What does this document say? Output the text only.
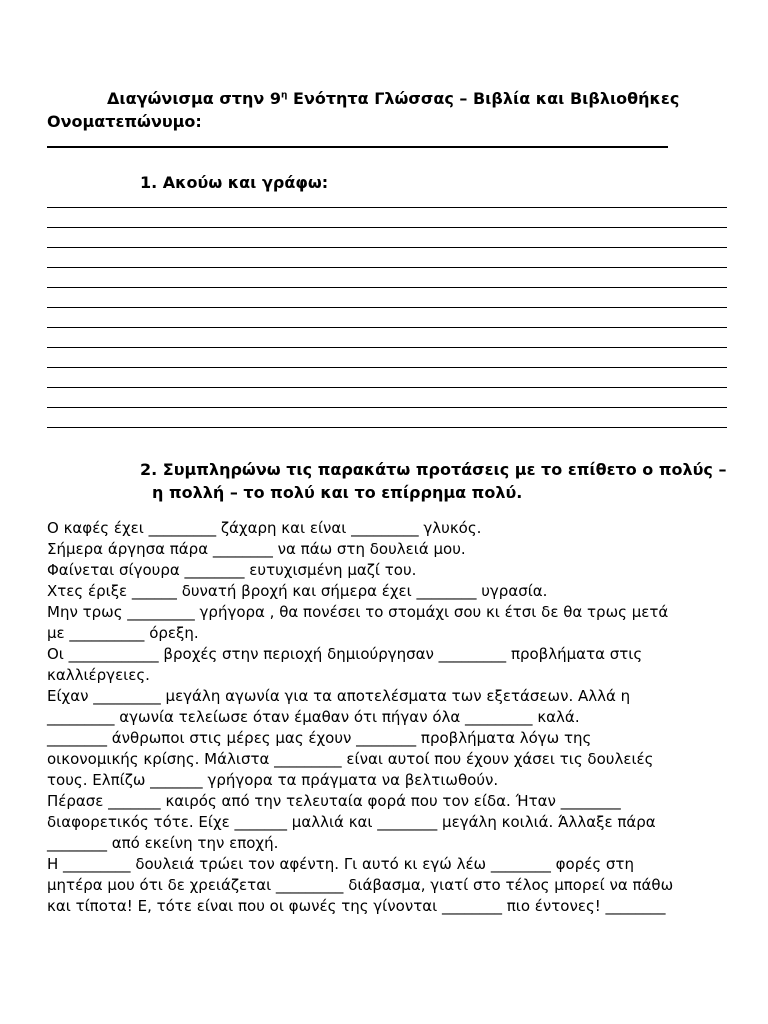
Διαγώνισμα στην $9^\eta$ Ενότητα Γλώσσας – Βιβλία και Βιβλιοθήκες
Ονοματεπώνυμο:
1. Ακούω και γράφω:
2. Συμπληρώνω τις παρακάτω προτάσεις με το επίθετο ο πολύς –
η πολλή – το πολύ και το επίρρημα πολύ.
Ο καφές έχει _________ ζάχαρη και είναι _________ γλυκός.
Σήμερα άργησα πάρα ________ να πάω στη δουλειά μου.
Φαίνεται σίγουρα ________ ευτυχισμένη μαζί του.
Χτες έριξε ______ δυνατή βροχή και σήμερα έχει ________ υγρασία.
Μην τρως _________ γρήγορα , θα πονέσει το στομάχι σου κι έτσι δε θα τρως μετά
με __________ όρεξη.
Οι ____________ βροχές στην περιοχή δημιούργησαν _________ προβλήματα στις
καλλιέργειες.
Είχαν _________ μεγάλη αγωνία για τα αποτελέσματα των εξετάσεων. Αλλά η
_________ αγωνία τελείωσε όταν έμαθαν ότι πήγαν όλα _________ καλά.
________ άνθρωποι στις μέρες μας έχουν ________ προβλήματα λόγω της
οικονομικής κρίσης. Μάλιστα _________ είναι αυτοί που έχουν χάσει τις δουλειές
τους. Ελπίζω _______ γρήγορα τα πράγματα να βελτιωθούν.
Πέρασε _______ καιρός από την τελευταία φορά που τον είδα. Ήταν ________
διαφορετικός τότε. Είχε _______ μαλλιά και ________ μεγάλη κοιλιά. Άλλαξε πάρα
________ από εκείνη την εποχή.
Η _________ δουλειά τρώει τον αφέντη. Γι αυτό κι εγώ λέω ________ φορές στη
μητέρα μου ότι δε χρειάζεται _________ διάβασμα, γιατί στο τέλος μπορεί να πάθω
και τίποτα! Ε, τότε είναι που οι φωνές της γίνονται ________ πιο έντονες! ________
